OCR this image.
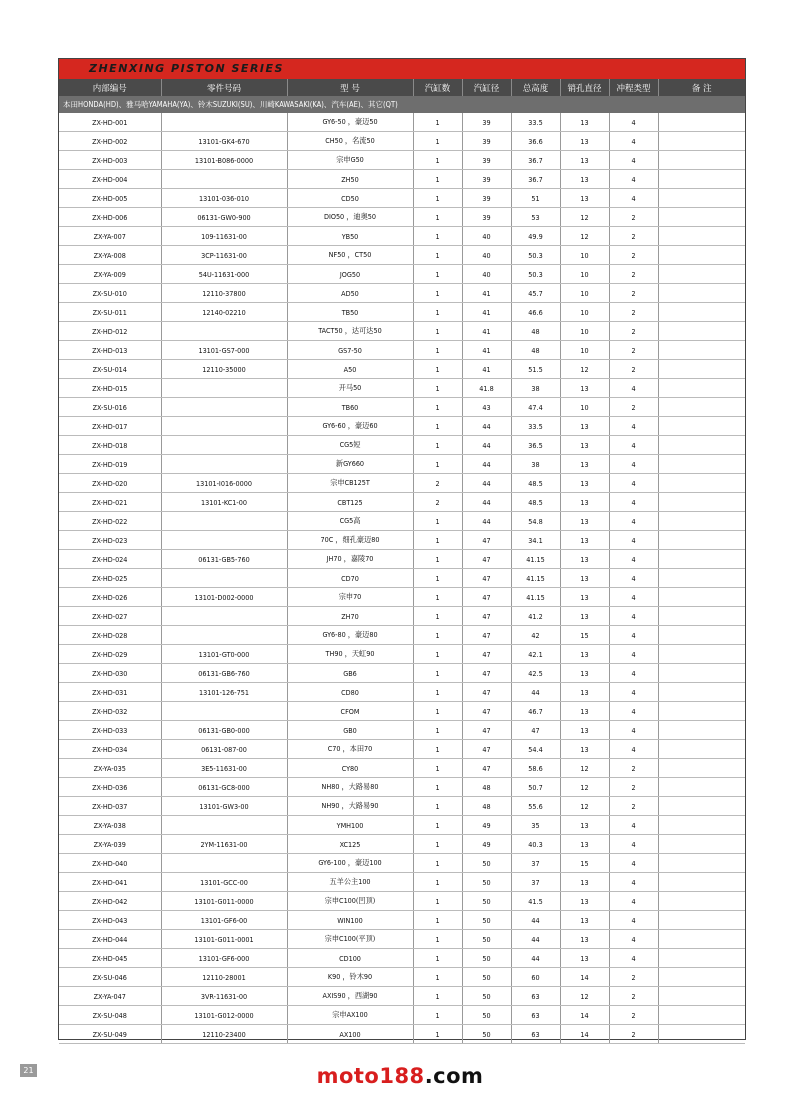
ZHENXING PISTON SERIES
内部编号	零件号码	型 号	汽缸数	汽缸径	总高度	销孔直径	冲程类型	备 注
本田HONDA(HD)、雅马哈YAMAHA(YA)、铃木SUZUKI(SU)、川崎KAWASAKI(KA)、汽车(AE)、其它(QT)								
ZX-HD-001		GY6-50 ，豪迈50	1	39	33.5	13	4	
ZX-HD-002	13101-GK4-670	CH50 ，名流50	1	39	36.6	13	4	
ZX-HD-003	13101-B086-0000	宗申G50	1	39	36.7	13	4	
ZX-HD-004		ZH50	1	39	36.7	13	4	
ZX-HD-005	13101-036-010	CD50	1	39	51	13	4	
ZX-HD-006	06131-GW0-900	DIO50 ，迪奥50	1	39	53	12	2	
ZX-YA-007	109-11631-00	YB50	1	40	49.9	12	2	
ZX-YA-008	3CP-11631-00	NF50 ，CT50	1	40	50.3	10	2	
ZX-YA-009	54U-11631-000	JOG50	1	40	50.3	10	2	
ZX-SU-010	12110-37800	AD50	1	41	45.7	10	2	
ZX-SU-011	12140-02210	TB50	1	41	46.6	10	2	
ZX-HD-012		TACT50 ，达可达50	1	41	48	10	2	
ZX-HD-013	13101-GS7-000	GS7-50	1	41	48	10	2	
ZX-SU-014	12110-35000	A50	1	41	51.5	12	2	
ZX-HD-015		开马50	1	41.8	38	13	4	
ZX-SU-016		TB60	1	43	47.4	10	2	
ZX-HD-017		GY6-60 ，豪迈60	1	44	33.5	13	4	
ZX-HD-018		CG5短	1	44	36.5	13	4	
ZX-HD-019		新GY660	1	44	38	13	4	
ZX-HD-020	13101-I016-0000	宗申CB125T	2	44	48.5	13	4	
ZX-HD-021	13101-KC1-00	CBT125	2	44	48.5	13	4	
ZX-HD-022		CG5高	1	44	54.8	13	4	
ZX-HD-023		70C ，细孔豪迈80	1	47	34.1	13	4	
ZX-HD-024	06131-GB5-760	JH70 ，嘉陵70	1	47	41.15	13	4	
ZX-HD-025		CD70	1	47	41.15	13	4	
ZX-HD-026	13101-D002-0000	宗申70	1	47	41.15	13	4	
ZX-HD-027		ZH70	1	47	41.2	13	4	
ZX-HD-028		GY6-80 ，豪迈80	1	47	42	15	4	
ZX-HD-029	13101-GT0-000	TH90 ，天虹90	1	47	42.1	13	4	
ZX-HD-030	06131-GB6-760	GB6	1	47	42.5	13	4	
ZX-HD-031	13101-126-751	CD80	1	47	44	13	4	
ZX-HD-032		CFOM	1	47	46.7	13	4	
ZX-HD-033	06131-GB0-000	GB0	1	47	47	13	4	
ZX-HD-034	06131-087-00	C70 ，本田70	1	47	54.4	13	4	
ZX-YA-035	3E5-11631-00	CY80	1	47	58.6	12	2	
ZX-HD-036	06131-GC8-000	NH80 ，大路易80	1	48	50.7	12	2	
ZX-HD-037	13101-GW3-00	NH90 ，大路易90	1	48	55.6	12	2	
ZX-YA-038		YMH100	1	49	35	13	4	
ZX-YA-039	2YM-11631-00	XC125	1	49	40.3	13	4	
ZX-HD-040		GY6-100 ，豪迈100	1	50	37	15	4	
ZX-HD-041	13101-GCC-00	五羊公主100	1	50	37	13	4	
ZX-HD-042	13101-G011-0000	宗申C100(凹顶)	1	50	41.5	13	4	
ZX-HD-043	13101-GF6-00	WIN100	1	50	44	13	4	
ZX-HD-044	13101-G011-0001	宗申C100(平顶)	1	50	44	13	4	
ZX-HD-045	13101-GF6-000	CD100	1	50	44	13	4	
ZX-SU-046	12110-28001	K90 ，铃木90	1	50	60	14	2	
ZX-YA-047	3VR-11631-00	AXIS90 ，西湖90	1	50	63	12	2	
ZX-SU-048	13101-G012-0000	宗申AX100	1	50	63	14	2	
ZX-SU-049	12110-23400	AX100	1	50	63	14	2	
21	moto188.com
